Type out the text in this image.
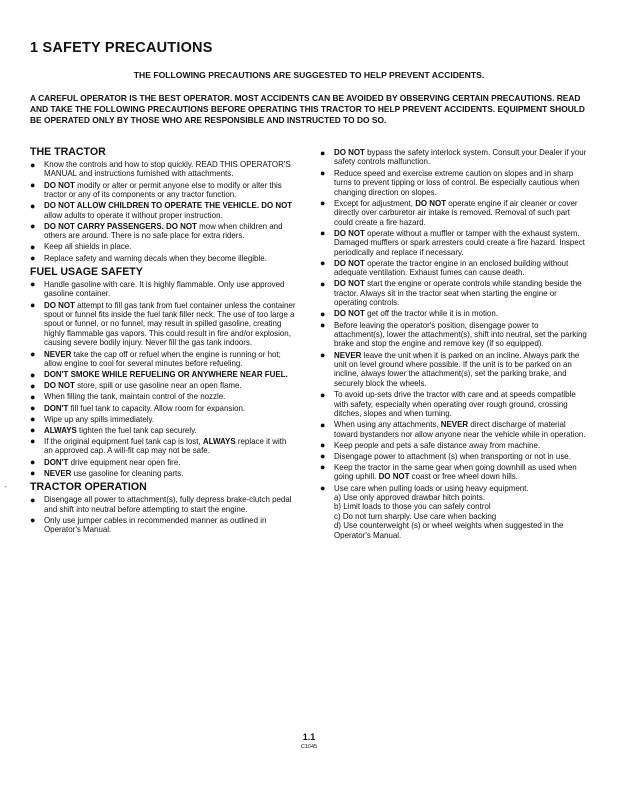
1 SAFETY PRECAUTIONS
THE FOLLOWING PRECAUTIONS ARE SUGGESTED TO HELP PREVENT ACCIDENTS.
A CAREFUL OPERATOR IS THE BEST OPERATOR. MOST ACCIDENTS CAN BE AVOIDED BY OBSERVING CERTAIN PRECAUTIONS. READ AND TAKE THE FOLLOWING PRECAUTIONS BEFORE OPERATING THIS TRACTOR TO HELP PREVENT ACCIDENTS. EQUIPMENT SHOULD BE OPERATED ONLY BY THOSE WHO ARE RESPONSIBLE AND INSTRUCTED TO DO SO.
THE TRACTOR
● Know the controls and how to stop quickly. READ THIS OPERATOR'S MANUAL and instructions furnished with attachments.
● DO NOT modify or alter or permit anyone else to modify or alter this tractor or any of its components or any tractor function.
● DO NOT ALLOW CHILDREN TO OPERATE THE VEHICLE. DO NOT allow adults to operate it without proper instruction.
● DO NOT CARRY PASSENGERS. DO NOT mow when children and others are around. There is no safe place for extra riders.
● Keep all shields in place.
● Replace safety and warning decals when they become illegible.
FUEL USAGE SAFETY
● Handle gasoline with care. It is highly flammable. Only use approved gasoline container.
● DO NOT attempt to fill gas tank from fuel container unless the container spout or funnel fits inside the fuel tank filler neck. The use of too large a spout or funnel, or no funnel, may result in spilled gasoline, creating highly flammable gas vapors. This could result in fire and/or explosion, causing severe bodily injury. Never fill the gas tank indoors.
● NEVER take the cap off or refuel when the engine is running or hot; allow engine to cool for several minutes before refueling.
● DON'T SMOKE WHILE REFUELING OR ANYWHERE NEAR FUEL.
● DO NOT store, spill or use gasoline near an open flame.
● When filling the tank, maintain control of the nozzle.
● DON'T fill fuel tank to capacity. Allow room for expansion.
● Wipe up any spills immediately.
● ALWAYS tighten the fuel tank cap securely.
● If the original equipment fuel tank cap is lost, ALWAYS replace it with an approved cap. A will-fit cap may not be safe.
● DON'T drive equipment near open fire.
● NEVER use gasoline for cleaning parts.
TRACTOR OPERATION
● Disengage all power to attachment(s), fully depress brake-clutch pedal and shift into neutral before attempting to start the engine.
● Only use jumper cables in recommended manner as outlined in Operator's Manual.
● DO NOT bypass the safety interlock system. Consult your Dealer if your safety controls malfunction.
● Reduce speed and exercise extreme caution on slopes and in sharp turns to prevent tipping or loss of control. Be especially cautious when changing direction on slopes.
● Except for adjustment, DO NOT operate engine if air cleaner or cover directly over carburetor air intake is removed. Removal of such part could create a fire hazard.
● DO NOT operate without a muffler or tamper with the exhaust system. Damaged mufflers or spark arresters could create a fire hazard. Inspect periodically and replace if necessary.
● DO NOT operate the tractor engine in an enclosed building without adequate ventilation. Exhaust fumes can cause death.
● DO NOT start the engine or operate controls while standing beside the tractor. Always sit in the tractor seat when starting the engine or operating controls.
● DO NOT get off the tractor while it is in motion.
● Before leaving the operator's position, disengage power to attachment(s), lower the attachment(s), shift into neutral, set the parking brake and stop the engine and remove key (if so equipped).
● NEVER leave the unit when it is parked on an incline. Always park the unit on level ground where possible. If the unit is to be parked on an incline, always lower the attachment(s), set the parking brake, and securely block the wheels.
● To avoid up-sets drive the tractor with care and at speeds compatible with safety, especially when operating over rough ground, crossing ditches, slopes and when turning.
● When using any attachments, NEVER direct discharge of material toward bystanders nor allow anyone near the vehicle while in operation.
● Keep people and pets a safe distance away from machine.
● Disengage power to attachment (s) when transporting or not in use.
● Keep the tractor in the same gear when going downhill as used when going uphill. DO NOT coast or free wheel down hills.
● Use care when pulling loads or using heavy equipment.
a) Use only approved drawbar hitch points.
b) Limit loads to those you can safely control
c) Do not turn sharply. Use care when backing
d) Use counterweight (s) or wheel weights when suggested in the Operator's Manual.
-
1.1
C1045
